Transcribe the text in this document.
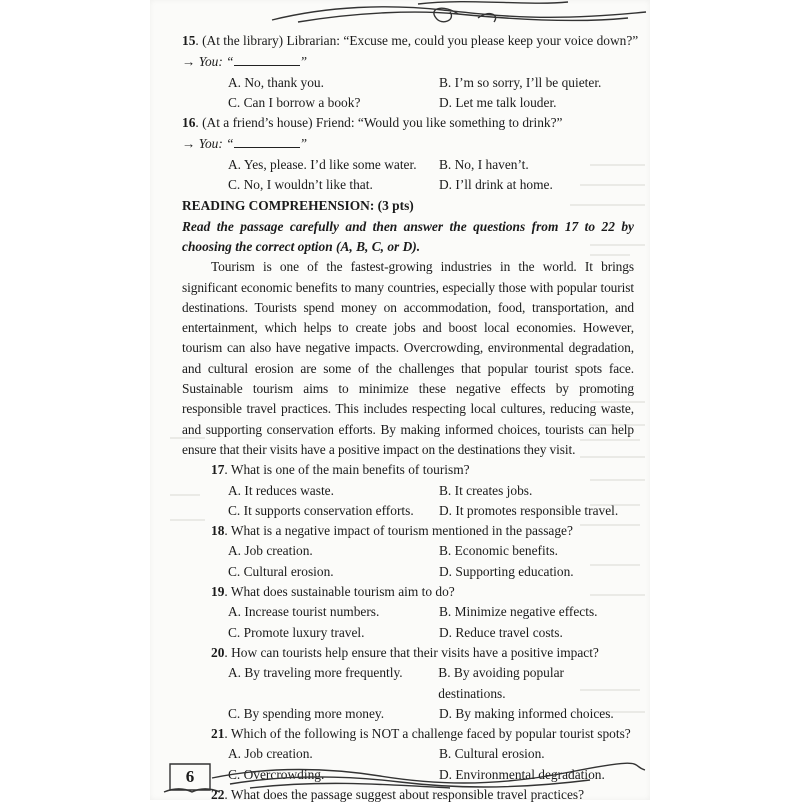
15. (At the library) Librarian: “Excuse me, could you please keep your voice down?”
→ You: “	”
A. No, thank you.	B. I’m so sorry, I’ll be quieter.
C. Can I borrow a book?	D. Let me talk louder.
16. (At a friend’s house) Friend: “Would you like something to drink?”
→ You: “	”
A. Yes, please. I’d like some water.	B. No, I haven’t.
C. No, I wouldn’t like that.	D. I’ll drink at home.
READING COMPREHENSION: (3 pts)
Read the passage carefully and then answer the questions from 17 to 22 by choosing the correct option (A, B, C, or D).
Tourism is one of the fastest-growing industries in the world. It brings significant economic benefits to many countries, especially those with popular tourist destinations. Tourists spend money on accommodation, food, transportation, and entertainment, which helps to create jobs and boost local economies. However, tourism can also have negative impacts. Overcrowding, environmental degradation, and cultural erosion are some of the challenges that popular tourist spots face. Sustainable tourism aims to minimize these negative effects by promoting responsible travel practices. This includes respecting local cultures, reducing waste, and supporting conservation efforts. By making informed choices, tourists can help ensure that their visits have a positive impact on the destinations they visit.
17. What is one of the main benefits of tourism?
A. It reduces waste.	B. It creates jobs.
C. It supports conservation efforts.	D. It promotes responsible travel.
18. What is a negative impact of tourism mentioned in the passage?
A. Job creation.	B. Economic benefits.
C. Cultural erosion.	D. Supporting education.
19. What does sustainable tourism aim to do?
A. Increase tourist numbers.	B. Minimize negative effects.
C. Promote luxury travel.	D. Reduce travel costs.
20. How can tourists help ensure that their visits have a positive impact?
A. By traveling more frequently.	B. By avoiding popular destinations.
C. By spending more money.	D. By making informed choices.
21. Which of the following is NOT a challenge faced by popular tourist spots?
A. Job creation.	B. Cultural erosion.
C. Overcrowding.	D. Environmental degradation.
22. What does the passage suggest about responsible travel practices?
6
